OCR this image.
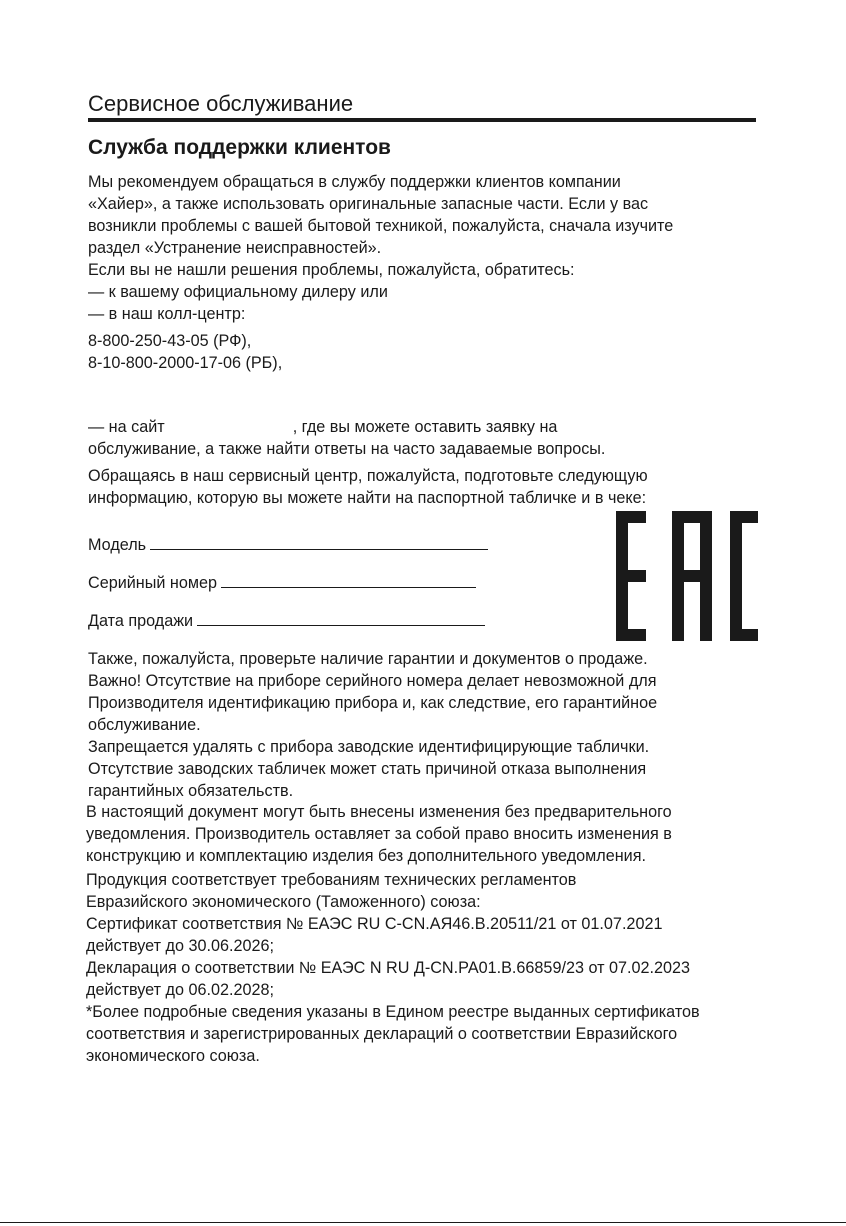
Сервисное обслуживание
Служба поддержки клиентов
Мы рекомендуем обращаться в службу поддержки клиентов компании
«Хайер», а также использовать оригинальные запасные части. Если у вас
возникли проблемы с вашей бытовой техникой, пожалуйста, сначала изучите
раздел «Устранение неисправностей».
Если вы не нашли решения проблемы, пожалуйста, обратитесь:
— к вашему официальному дилеру или
— в наш колл-центр:
8-800-250-43-05 (РФ),
8-10-800-2000-17-06 (РБ),
— на сайт	, где вы можете оставить заявку на
обслуживание, а также найти ответы на часто задаваемые вопросы.
Обращаясь в наш сервисный центр, пожалуйста, подготовьте следующую
информацию, которую вы можете найти на паспортной табличке и в чеке:
Модель
Серийный номер
Дата продажи
Также, пожалуйста, проверьте наличие гарантии и документов о продаже.
Важно! Отсутствие на приборе серийного номера делает невозможной для
Производителя идентификацию прибора и, как следствие, его гарантийное
обслуживание.
Запрещается удалять с прибора заводские идентифицирующие таблички.
Отсутствие заводских табличек может стать причиной отказа выполнения
гарантийных обязательств.
В настоящий документ могут быть внесены изменения без предварительного
уведомления. Производитель оставляет за собой право вносить изменения в
конструкцию и комплектацию изделия без дополнительного уведомления.
Продукция соответствует требованиям технических регламентов
Евразийского экономического (Таможенного) союза:
Сертификат соответствия № ЕАЭС RU C-CN.АЯ46.В.20511/21 от 01.07.2021
действует до 30.06.2026;
Декларация о соответствии № ЕАЭС N RU Д-CN.РА01.В.66859/23 от 07.02.2023
действует до 06.02.2028;
*Более подробные сведения указаны в Едином реестре выданных сертификатов
соответствия и зарегистрированных деклараций о соответствии Евразийского
экономического союза.
